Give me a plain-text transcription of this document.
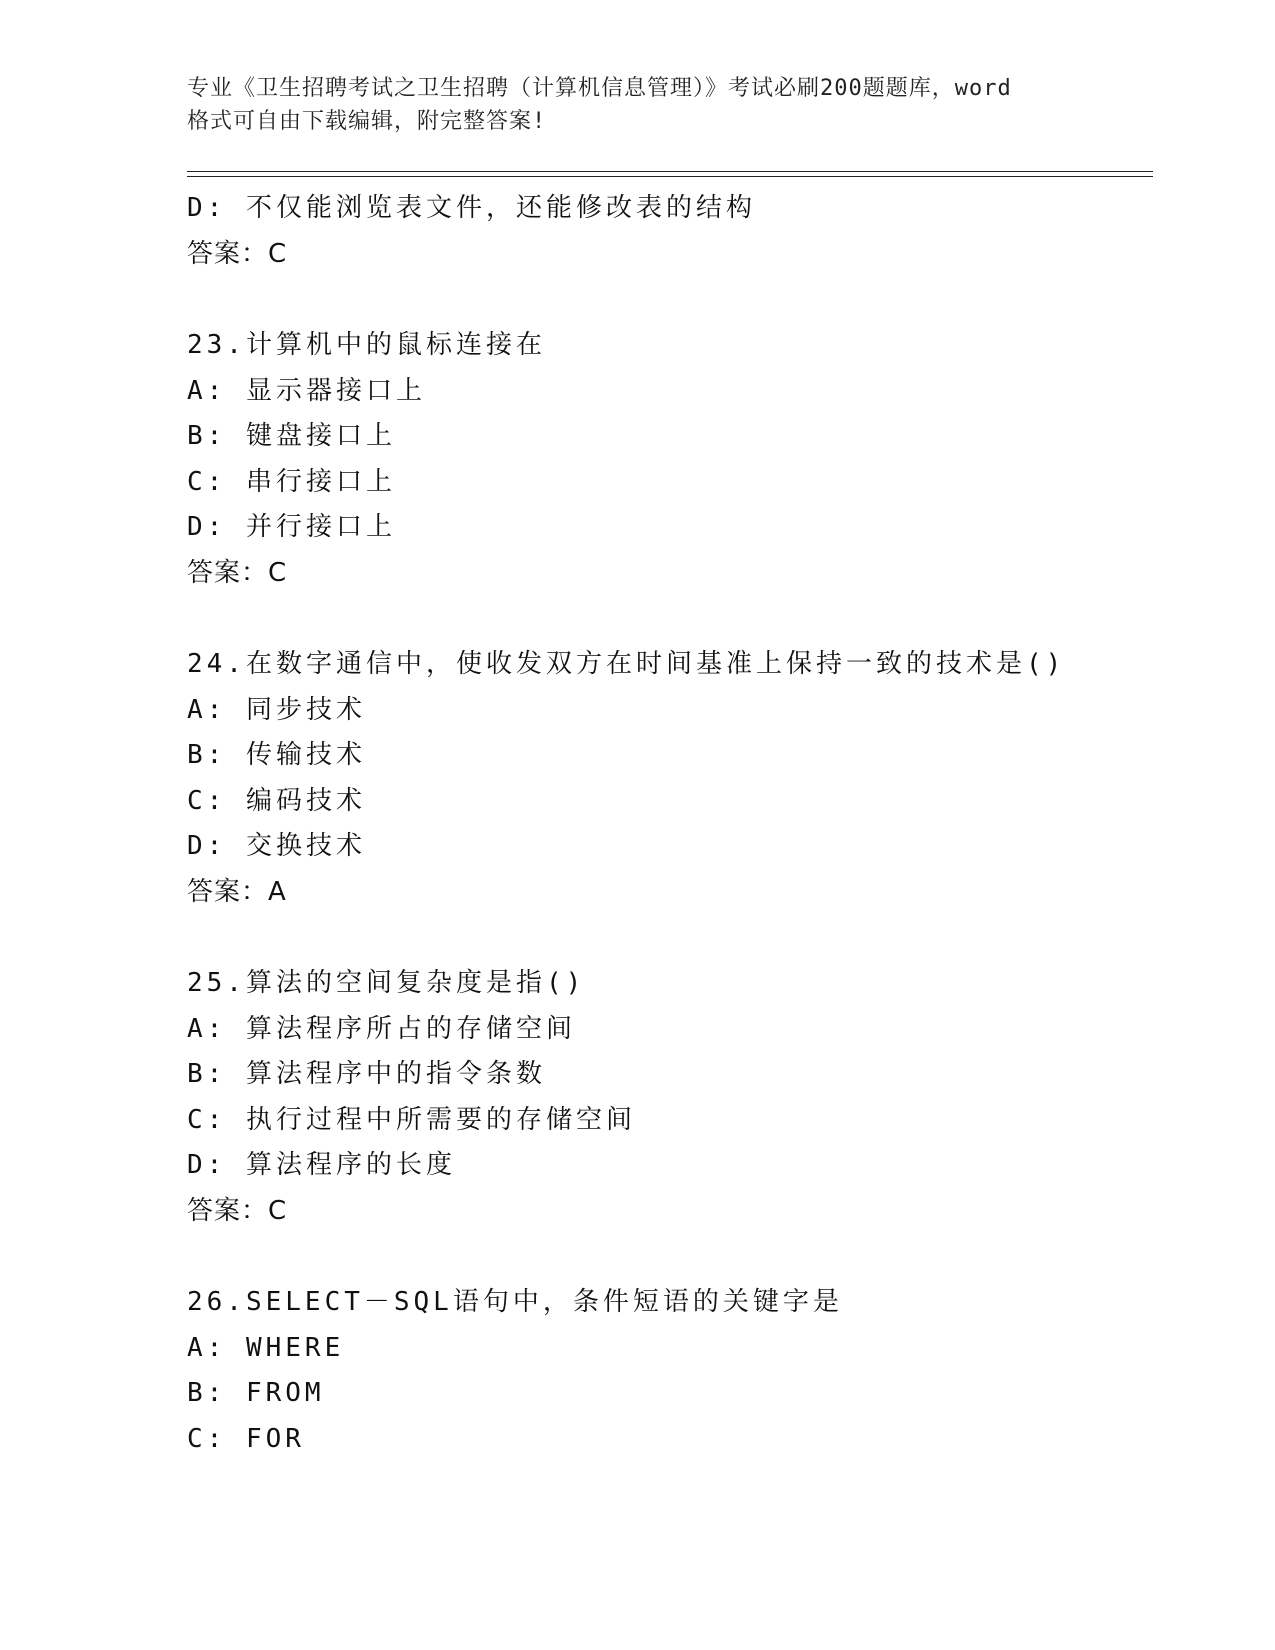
专业《卫生招聘考试之卫生招聘（计算机信息管理）》考试必刷200题题库，word
格式可自由下载编辑，附完整答案!
D: 不仅能浏览表文件，还能修改表的结构
答案：C
23.计算机中的鼠标连接在
A: 显示器接口上
B: 键盘接口上
C: 串行接口上
D: 并行接口上
答案：C
24.在数字通信中，使收发双方在时间基准上保持一致的技术是()
A: 同步技术
B: 传输技术
C: 编码技术
D: 交换技术
答案：A
25.算法的空间复杂度是指()
A: 算法程序所占的存储空间
B: 算法程序中的指令条数
C: 执行过程中所需要的存储空间
D: 算法程序的长度
答案：C
26.SELECT－SQL语句中，条件短语的关键字是
A: WHERE
B: FROM
C: FOR
